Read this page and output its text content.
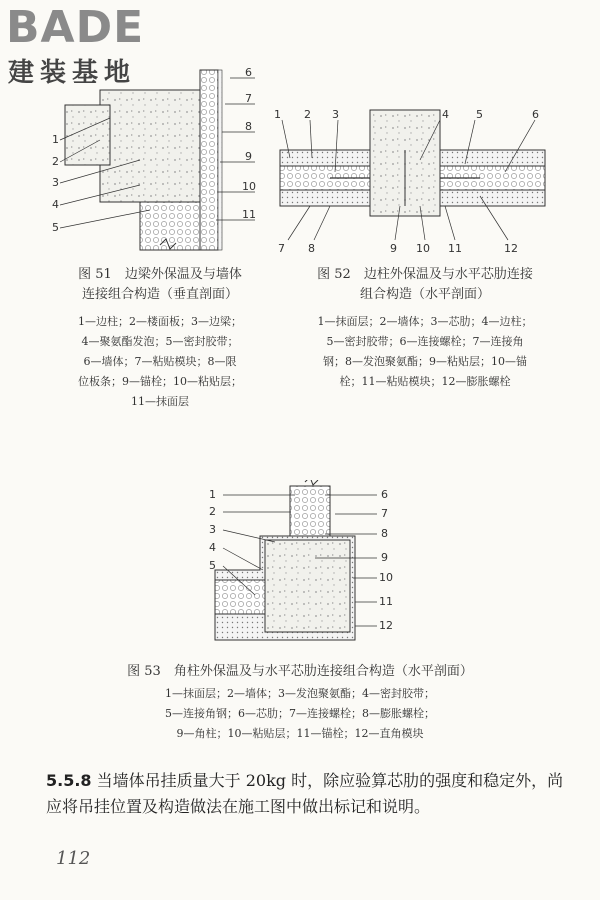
BADE
建装基地	6
7
8
9
10
11
1
2
3
4
5
图 51　边梁外保温及与墙体
连接组合构造（垂直剖面）
1—边柱；2—楼面板；3—边梁；
4—聚氨酯发泡；5—密封胶带；
6—墙体；7—粘贴模块；8—限
位板条；9—锚栓；10—粘贴层；
11—抹面层
1 2 3	4 5	6
7 8	9 10 11	12
图 52　边柱外保温及与水平芯肋连接
组合构造（水平剖面）
1—抹面层；2—墙体；3—芯肋；4—边柱；
5—密封胶带；6—连接螺栓；7—连接角
钢；8—发泡聚氨酯；9—粘贴层；10—锚
栓；11—粘贴模块；12—膨胀螺栓
1
2
3
4
5
6
7
8
9
10
11
12
图 53　角柱外保温及与水平芯肋连接组合构造（水平剖面）
1—抹面层；2—墙体；3—发泡聚氨酯；4—密封胶带；
5—连接角钢；6—芯肋；7—连接螺栓；8—膨胀螺栓；
9—角柱；10—粘贴层；11—锚栓；12—直角模块
5.5.8 当墙体吊挂质量大于 20kg 时，除应验算芯肋的强度和稳定外，尚应将吊挂位置及构造做法在施工图中做出标记和说明。
112
